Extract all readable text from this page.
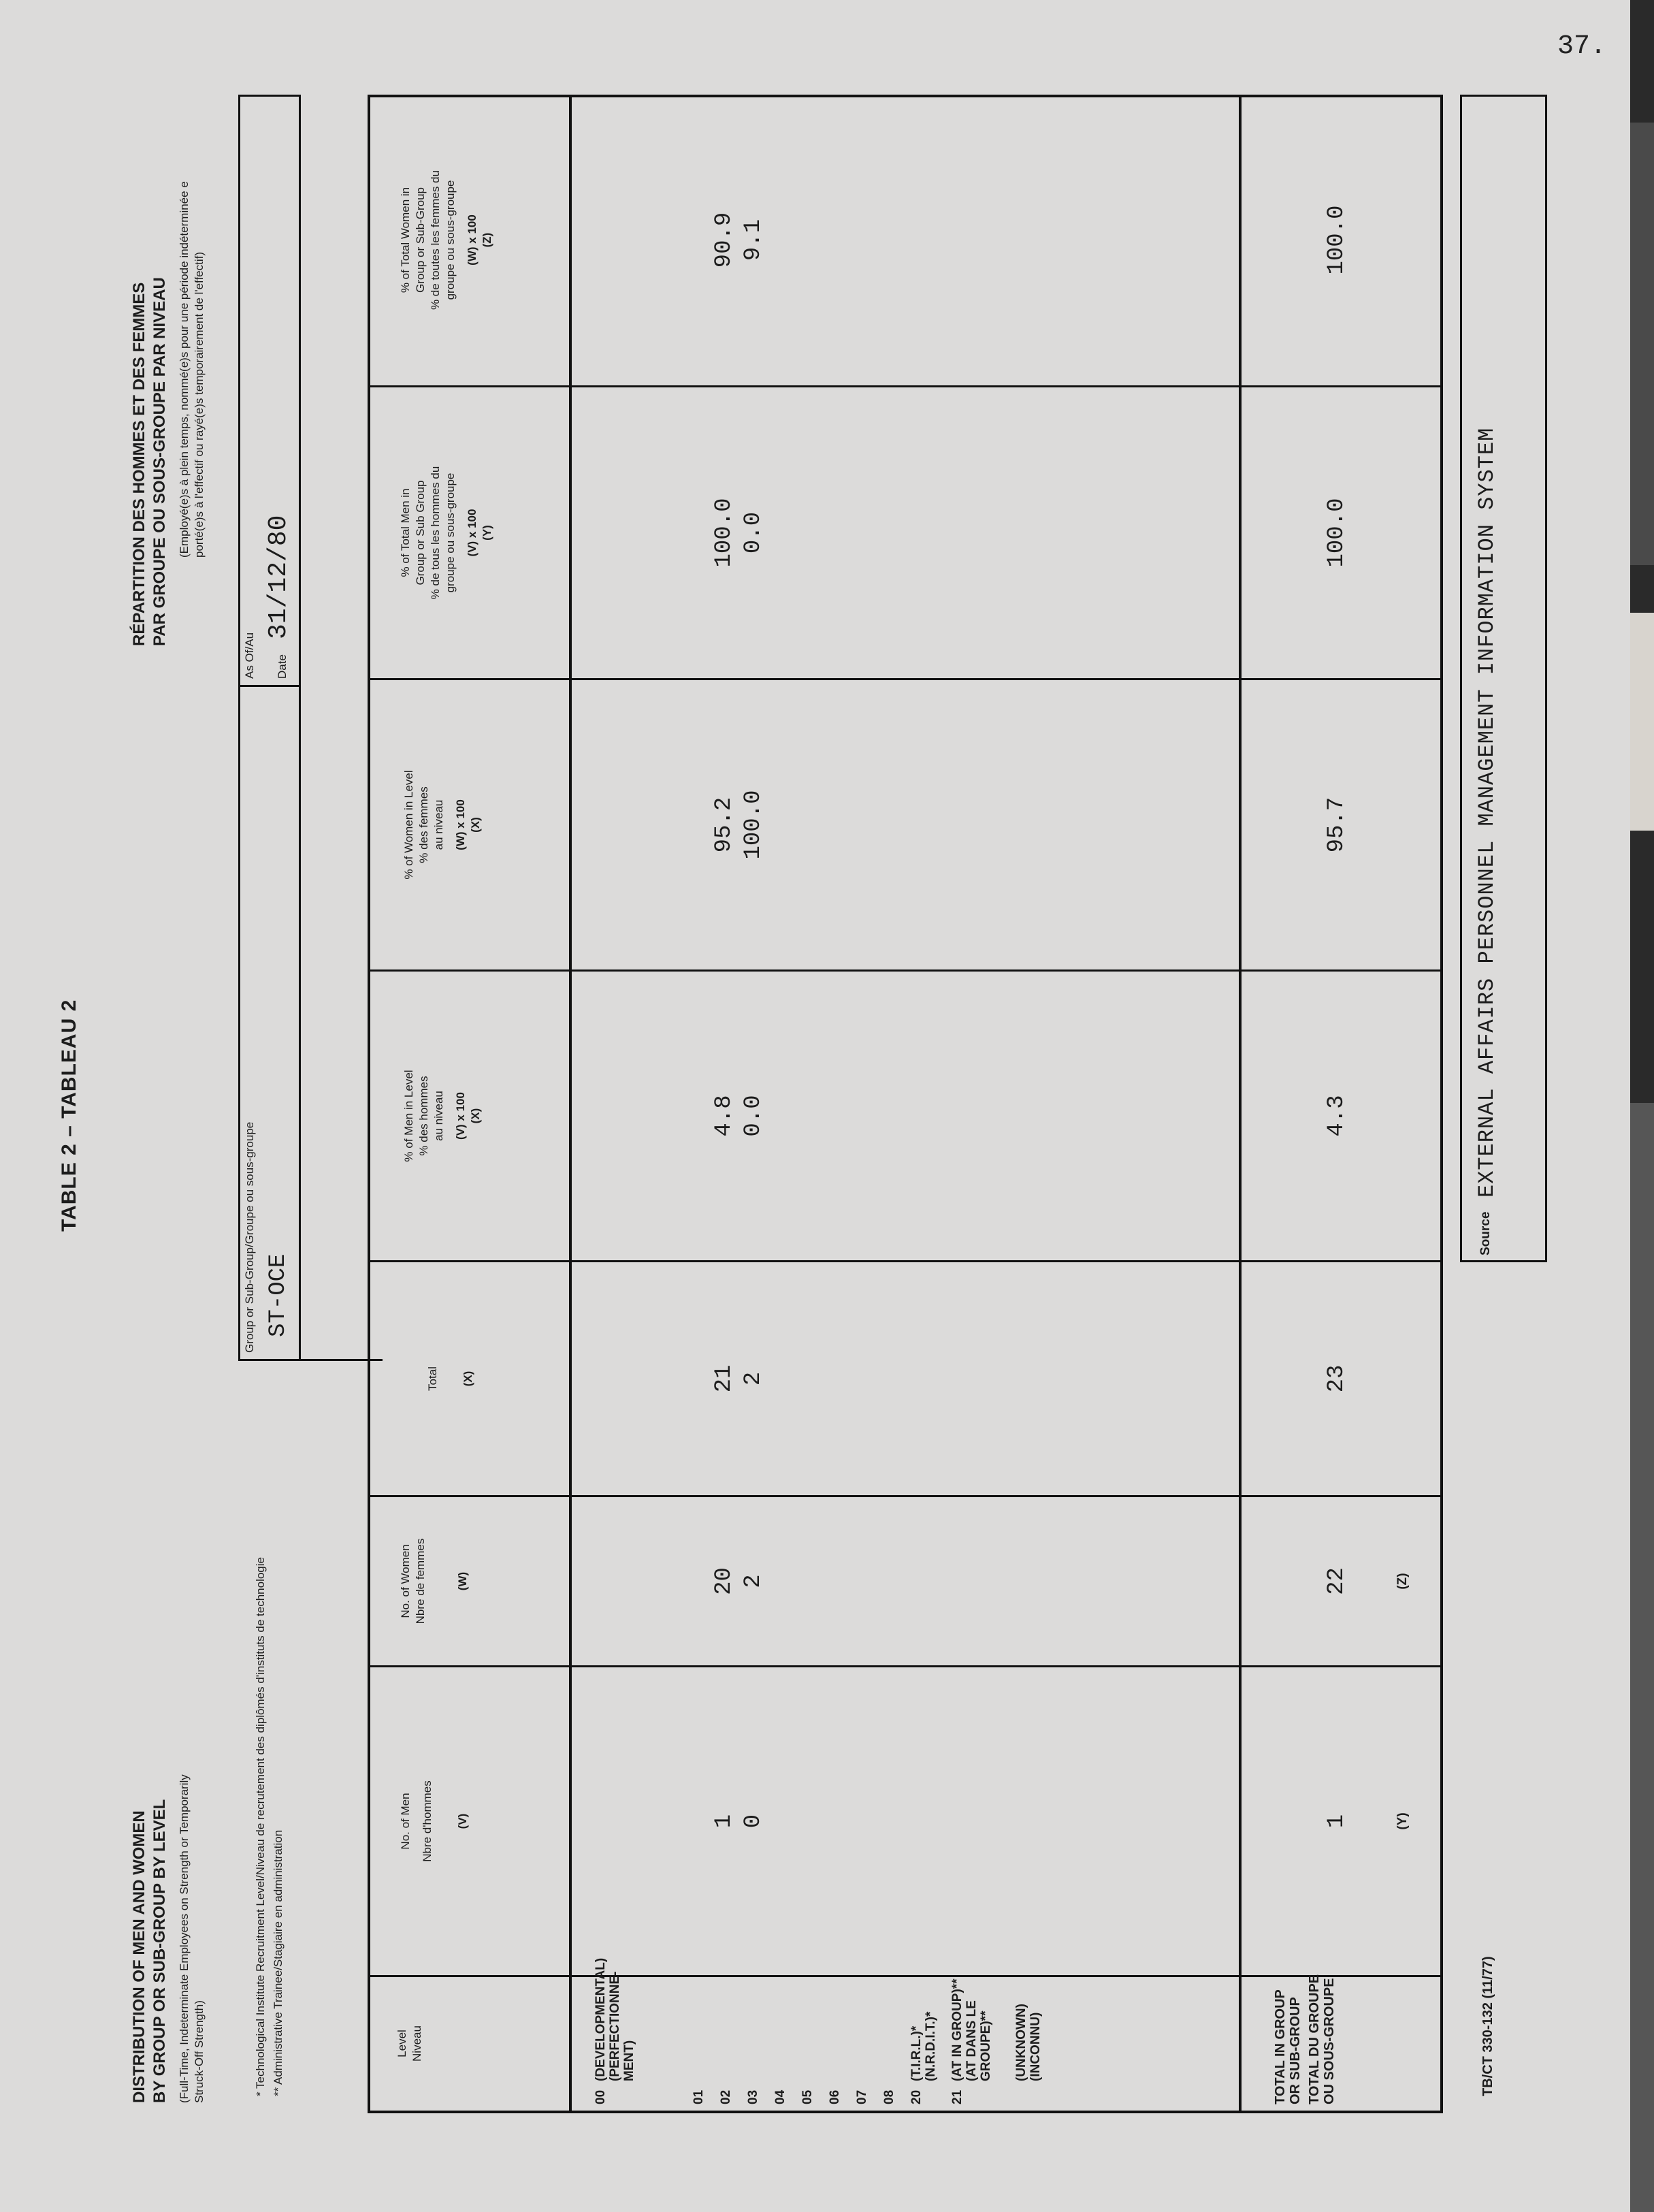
37.
TABLE 2 – TABLEAU 2
DISTRIBUTION OF MEN AND WOMEN BY GROUP OR SUB-GROUP BY LEVEL (Full-Time, Indeterminate Employees on Strength or Temporarily Struck-Off Strength)
RÉPARTITION DES HOMMES ET DES FEMMES PAR GROUPE OU SOUS-GROUPE PAR NIVEAU (Employé(e)s à plein temps, nommé(e)s pour une période indéterminée e porté(e)s à l'effectif ou rayé(e)s temporairement de l'effectif)
* Technological Institute Recruitment Level/Niveau de recrutement des diplômés d'instituts de technologie ** Administrative Trainee/Stagiaire en administration
Group or Sub-Group/Groupe ou sous-groupe ST-OCE
As Of/Au Date
31/12/80
Level Niveau
No. of Men Nbre d'hommes (V)
No. of Women Nbre de femmes	(W)
Total (X)
% of Men in Level % des hommes au niveau (V) x 100 (X)
% of Women in Level % des femmes au niveau (W) x 100 (X)
% of Total Men in Group or Sub Group % de tous les hommes du groupe ou sous-groupe (V) x 100 (Y)
% of Total Women in Group or Sub-Group % de toutes les femmes du groupe ou sous-groupe (W) x 100 (Z)
00
(DEVELOPMENTAL) (PERFECTIONNE- MENT)
01 02 03 04 05 06 07 08 20
(T.I.R.L.)* (N.R.D.I.T.)*
21
(AT IN GROUP)** (AT DANS LE GROUPE)** (UNKNOWN) (INCONNU)
1
20
21
4.8
95.2
100.0
90.9
0
2
2
0.0
100.0
0.0
9.1
TOTAL IN GROUP OR SUB-GROUP TOTAL DU GROUPE OU SOUS-GROUPE
1
22
23
4.3
95.7
100.0
100.0
(Y)
(Z)
Source
EXTERNAL AFFAIRS PERSONNEL MANAGEMENT INFORMATION SYSTEM
TB/CT 330-132 (11/77)
